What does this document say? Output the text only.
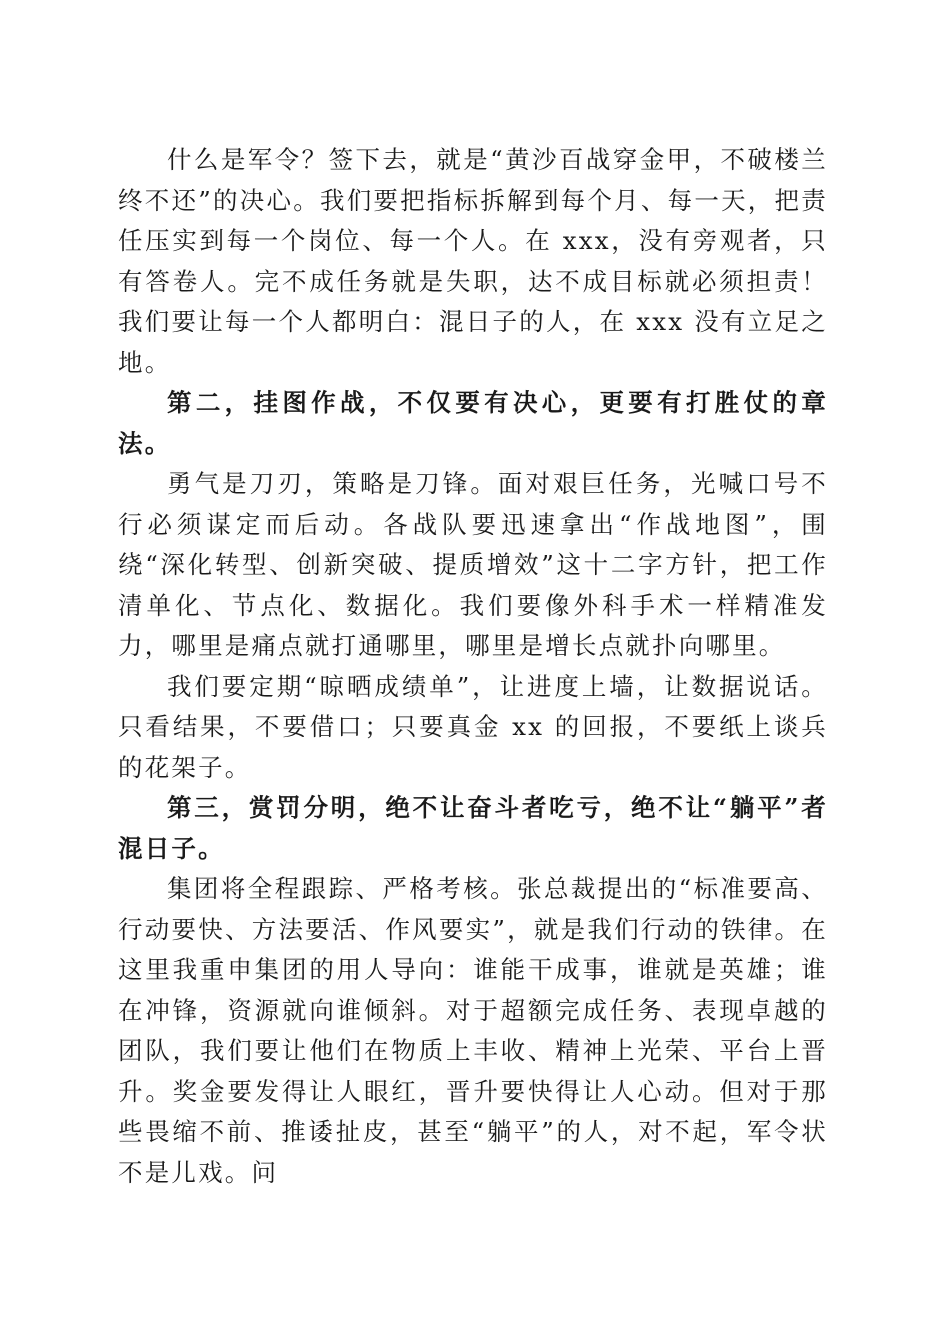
什么是军令？签下去，就是“黄沙百战穿金甲，不破楼兰终不还”的决心。我们要把指标拆解到每个月、每一天，把责任压实到每一个岗位、每一个人。在 xxx，没有旁观者，只有答卷人。完不成任务就是失职，达不成目标就必须担责！我们要让每一个人都明白：混日子的人，在 xxx 没有立足之地。

第二，挂图作战，不仅要有决心，更要有打胜仗的章法。

勇气是刀刃，策略是刀锋。面对艰巨任务，光喊口号不行必须谋定而后动。各战队要迅速拿出“作战地图”，围绕“深化转型、创新突破、提质增效”这十二字方针，把工作清单化、节点化、数据化。我们要像外科手术一样精准发力，哪里是痛点就打通哪里，哪里是增长点就扑向哪里。

我们要定期“晾晒成绩单”，让进度上墙，让数据说话。只看结果，不要借口；只要真金 xx 的回报，不要纸上谈兵的花架子。

第三，赏罚分明，绝不让奋斗者吃亏，绝不让“躺平”者混日子。

集团将全程跟踪、严格考核。张总裁提出的“标准要高、行动要快、方法要活、作风要实”，就是我们行动的铁律。在这里我重申集团的用人导向：谁能干成事，谁就是英雄；谁在冲锋，资源就向谁倾斜。对于超额完成任务、表现卓越的团队，我们要让他们在物质上丰收、精神上光荣、平台上晋升。奖金要发得让人眼红，晋升要快得让人心动。但对于那些畏缩不前、推诿扯皮，甚至“躺平”的人，对不起，军令状不是儿戏。问
